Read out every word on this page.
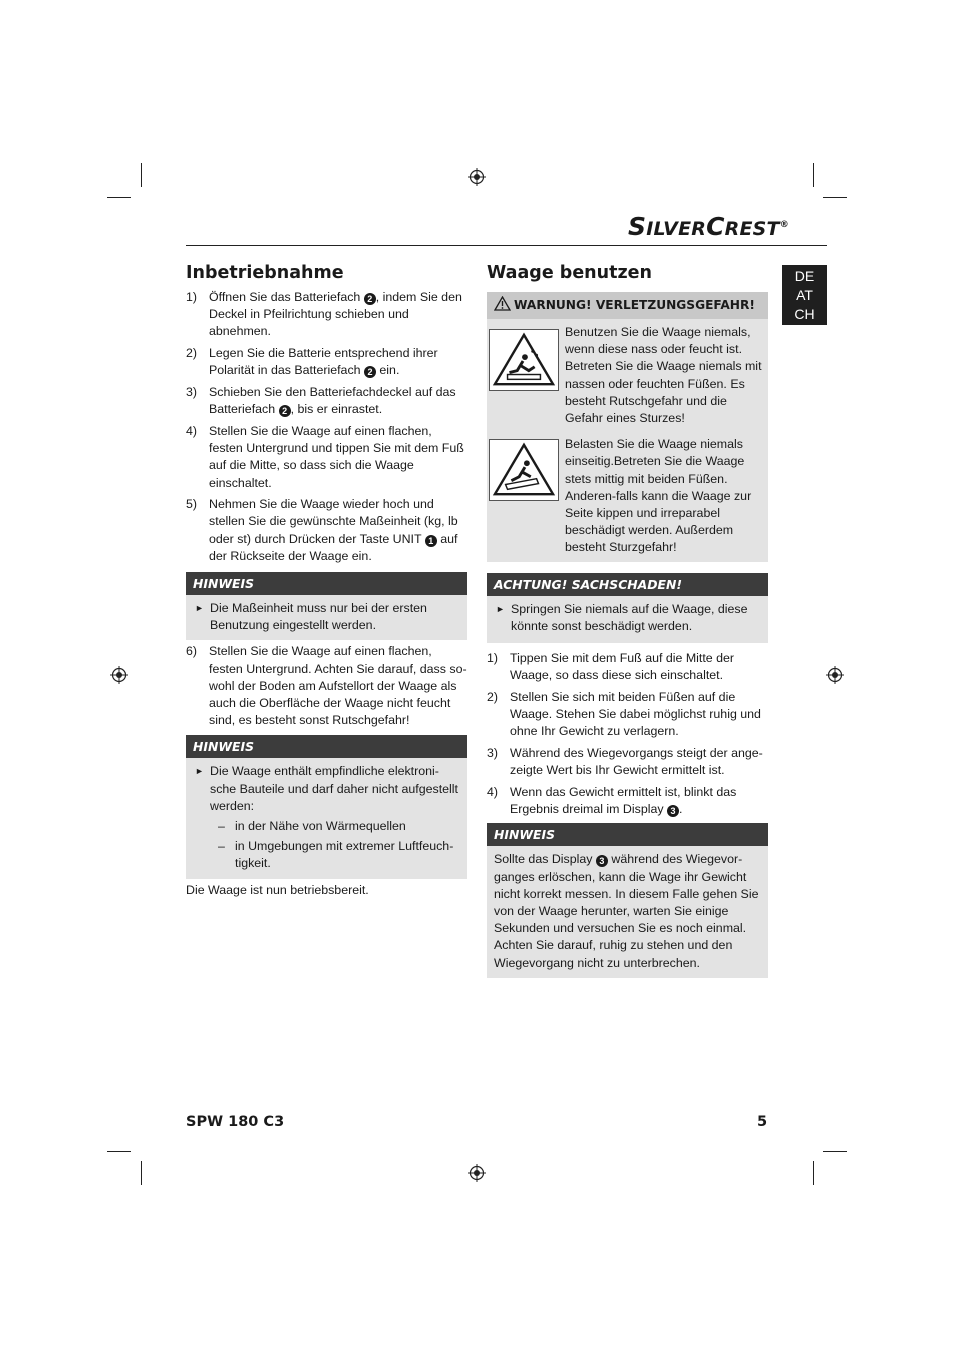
SILVERCREST®
DE
AT
CH
Inbetriebnahme
1) Öffnen Sie das Batteriefach 2 , indem Sie den Deckel in Pfeilrichtung schieben und abnehmen.
2) Legen Sie die Batterie entsprechend ihrer Polarität in das Batteriefach 2 ein.
3) Schieben Sie den Batteriefachdeckel auf das Batteriefach 2 , bis er einrastet.
4) Stellen Sie die Waage auf einen flachen, festen Untergrund und tippen Sie mit dem Fuß auf die Mitte, so dass sich die Waage einschaltet.
5) Nehmen Sie die Waage wieder hoch und stellen Sie die gewünschte Maßeinheit (kg, lb oder st) durch Drücken der Taste UNIT 1 auf der Rückseite der Waage ein.
HINWEIS
► Die Maßeinheit muss nur bei der ersten Benutzung eingestellt werden.
6) Stellen Sie die Waage auf einen flachen, festen Untergrund. Achten Sie darauf, dass so-wohl der Boden am Aufstellort der Waage als auch die Oberfläche der Waage nicht feucht sind, es besteht sonst Rutschgefahr!
HINWEIS
► Die Waage enthält empfindliche elektroni-sche Bauteile und darf daher nicht aufgestellt werden:
– in der Nähe von Wärmequellen
– in Umgebungen mit extremer Luftfeuch-tigkeit.
Die Waage ist nun betriebsbereit.
Waage benutzen
WARNUNG! VERLETZUNGSGEFAHR!
Benutzen Sie die Waage niemals, wenn diese nass oder feucht ist. Betreten Sie die Waage niemals mit nassen oder feuchten Füßen. Es besteht Rutschgefahr und die Gefahr eines Sturzes!
Belasten Sie die Waage niemals einseitig.Betreten Sie die Waage stets mittig mit beiden Füßen. Anderen-falls kann die Waage zur Seite kippen und irreparabel beschädigt werden. Außerdem besteht Sturzgefahr!
ACHTUNG! SACHSCHADEN!
► Springen Sie niemals auf die Waage, diese könnte sonst beschädigt werden.
1) Tippen Sie mit dem Fuß auf die Mitte der Waage, so dass diese sich einschaltet.
2) Stellen Sie sich mit beiden Füßen auf die Waage. Stehen Sie dabei möglichst ruhig und ohne Ihr Gewicht zu verlagern.
3) Während des Wiegevorgangs steigt der ange-zeigte Wert bis Ihr Gewicht ermittelt ist.
4) Wenn das Gewicht ermittelt ist, blinkt das Ergebnis dreimal im Display 3 .
HINWEIS
Sollte das Display 3 während des Wiegevor-ganges erlöschen, kann die Wage ihr Gewicht nicht korrekt messen. In diesem Falle gehen Sie von der Waage herunter, warten Sie einige Sekunden und versuchen Sie es noch einmal. Achten Sie darauf, ruhig zu stehen und den Wiegevorgang nicht zu unterbrechen.
SPW 180 C3	5
